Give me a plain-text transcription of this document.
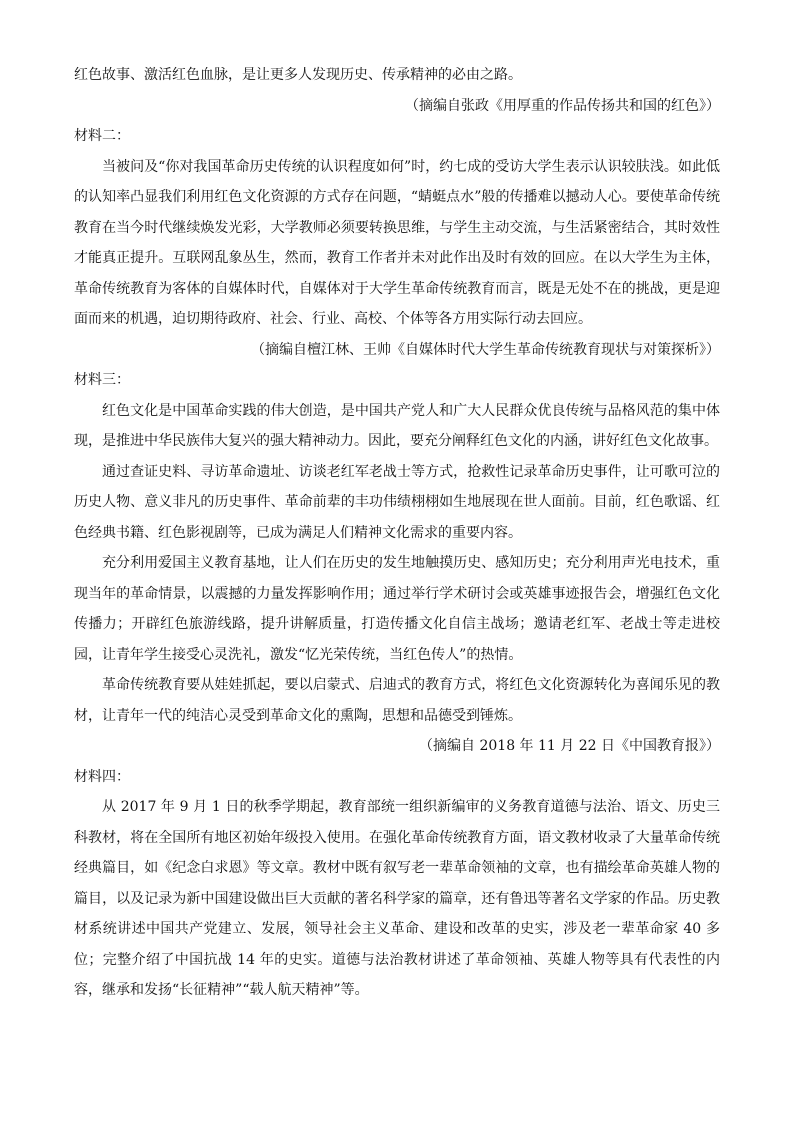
红色故事、激活红色血脉，是让更多人发现历史、传承精神的必由之路。

（摘编自张政《用厚重的作品传扬共和国的红色》）

材料二：

当被问及“你对我国革命历史传统的认识程度如何”时，约七成的受访大学生表示认识较肤浅。如此低的认知率凸显我们利用红色文化资源的方式存在问题，“蜻蜓点水”般的传播难以撼动人心。要使革命传统教育在当今时代继续焕发光彩，大学教师必须要转换思维，与学生主动交流，与生活紧密结合，其时效性才能真正提升。互联网乱象丛生，然而，教育工作者并未对此作出及时有效的回应。在以大学生为主体，革命传统教育为客体的自媒体时代，自媒体对于大学生革命传统教育而言，既是无处不在的挑战，更是迎面而来的机遇，迫切期待政府、社会、行业、高校、个体等各方用实际行动去回应。

（摘编自檀江林、王帅《自媒体时代大学生革命传统教育现状与对策探析》）

材料三：

红色文化是中国革命实践的伟大创造，是中国共产党人和广大人民群众优良传统与品格风范的集中体现，是推进中华民族伟大复兴的强大精神动力。因此，要充分阐释红色文化的内涵，讲好红色文化故事。

通过查证史料、寻访革命遗址、访谈老红军老战士等方式，抢救性记录革命历史事件，让可歌可泣的历史人物、意义非凡的历史事件、革命前辈的丰功伟绩栩栩如生地展现在世人面前。目前，红色歌谣、红色经典书籍、红色影视剧等，已成为满足人们精神文化需求的重要内容。

充分利用爱国主义教育基地，让人们在历史的发生地触摸历史、感知历史；充分利用声光电技术，重现当年的革命情景，以震撼的力量发挥影响作用；通过举行学术研讨会或英雄事迹报告会，增强红色文化传播力；开辟红色旅游线路，提升讲解质量，打造传播文化自信主战场；邀请老红军、老战士等走进校园，让青年学生接受心灵洗礼，激发“忆光荣传统，当红色传人”的热情。

革命传统教育要从娃娃抓起，要以启蒙式、启迪式的教育方式，将红色文化资源转化为喜闻乐见的教材，让青年一代的纯洁心灵受到革命文化的熏陶，思想和品德受到锤炼。

（摘编自 2018 年 11 月 22 日《中国教育报》）

材料四：

从 2017 年 9 月 1 日的秋季学期起，教育部统一组织新编审的义务教育道德与法治、语文、历史三科教材，将在全国所有地区初始年级投入使用。在强化革命传统教育方面，语文教材收录了大量革命传统经典篇目，如《纪念白求恩》等文章。教材中既有叙写老一辈革命领袖的文章，也有描绘革命英雄人物的篇目，以及记录为新中国建设做出巨大贡献的著名科学家的篇章，还有鲁迅等著名文学家的作品。历史教材系统讲述中国共产党建立、发展，领导社会主义革命、建设和改革的史实，涉及老一辈革命家 40 多位；完整介绍了中国抗战 14 年的史实。道德与法治教材讲述了革命领袖、英雄人物等具有代表性的内容，继承和发扬“长征精神”“载人航天精神”等。
